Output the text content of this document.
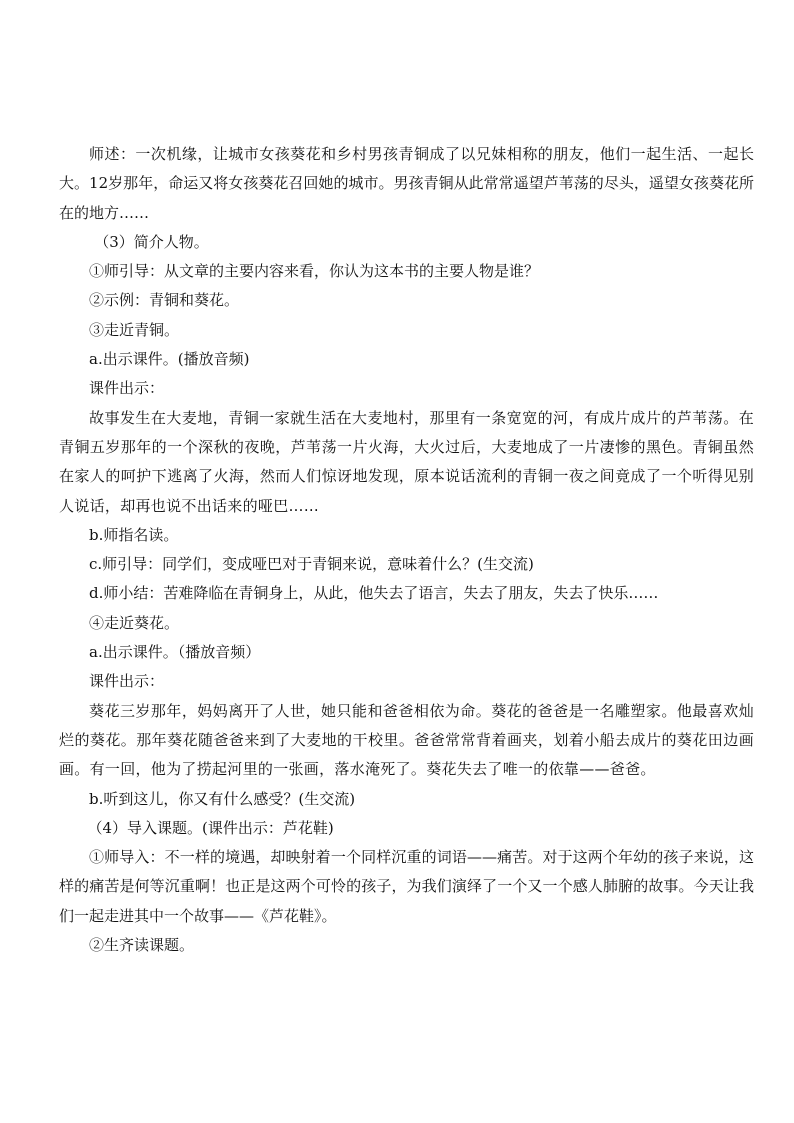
师述：一次机缘，让城市女孩葵花和乡村男孩青铜成了以兄妹相称的朋友，他们一起生活、一起长大。12岁那年，命运又将女孩葵花召回她的城市。男孩青铜从此常常遥望芦苇荡的尽头，遥望女孩葵花所在的地方……

（3）简介人物。

①师引导：从文章的主要内容来看，你认为这本书的主要人物是谁？

②示例：青铜和葵花。

③走近青铜。

a.出示课件。(播放音频)

课件出示：

故事发生在大麦地，青铜一家就生活在大麦地村，那里有一条宽宽的河，有成片成片的芦苇荡。在青铜五岁那年的一个深秋的夜晚，芦苇荡一片火海，大火过后，大麦地成了一片凄惨的黑色。青铜虽然在家人的呵护下逃离了火海，然而人们惊讶地发现，原本说话流利的青铜一夜之间竟成了一个听得见别人说话，却再也说不出话来的哑巴……

b.师指名读。

c.师引导：同学们，变成哑巴对于青铜来说，意味着什么？(生交流)

d.师小结：苦难降临在青铜身上，从此，他失去了语言，失去了朋友，失去了快乐……

④走近葵花。

a.出示课件。（播放音频）

课件出示：

葵花三岁那年，妈妈离开了人世，她只能和爸爸相依为命。葵花的爸爸是一名雕塑家。他最喜欢灿烂的葵花。那年葵花随爸爸来到了大麦地的干校里。爸爸常常背着画夹，划着小船去成片的葵花田边画画。有一回，他为了捞起河里的一张画，落水淹死了。葵花失去了唯一的依靠——爸爸。

b.听到这儿，你又有什么感受？(生交流)

（4）导入课题。(课件出示：芦花鞋)

①师导入：不一样的境遇，却映射着一个同样沉重的词语——痛苦。对于这两个年幼的孩子来说，这样的痛苦是何等沉重啊！也正是这两个可怜的孩子，为我们演绎了一个又一个感人肺腑的故事。今天让我们一起走进其中一个故事——《芦花鞋》。

②生齐读课题。
